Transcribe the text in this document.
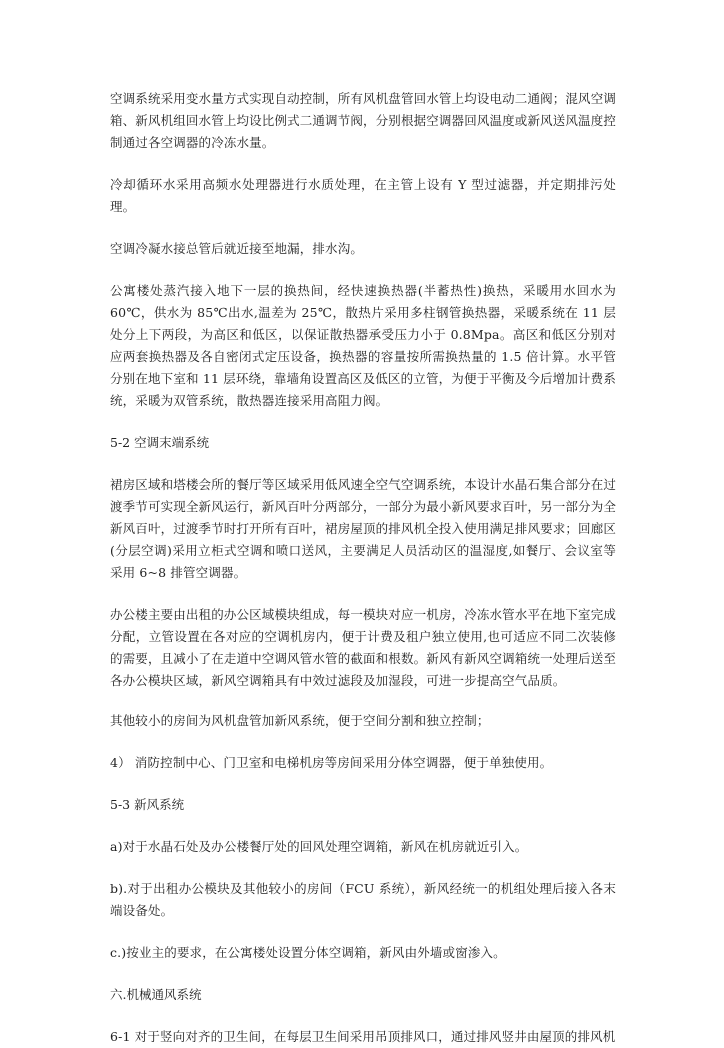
空调系统采用变水量方式实现自动控制，所有风机盘管回水管上均设电动二通阀；混风空调箱、新风机组回水管上均设比例式二通调节阀，分别根据空调器回风温度或新风送风温度控制通过各空调器的冷冻水量。

冷却循环水采用高频水处理器进行水质处理，在主管上设有 Y 型过滤器，并定期排污处理。

空调冷凝水接总管后就近接至地漏，排水沟。

公寓楼处蒸汽接入地下一层的换热间，经快速换热器(半蓄热性)换热，采暖用水回水为 60℃，供水为 85℃出水,温差为 25℃，散热片采用多柱钢管换热器，采暖系统在 11 层处分上下两段，为高区和低区，以保证散热器承受压力小于 0.8Mpa。高区和低区分别对应两套换热器及各自密闭式定压设备，换热器的容量按所需换热量的 1.5 倍计算。水平管分别在地下室和 11 层环绕，靠墙角设置高区及低区的立管，为便于平衡及今后增加计费系统，采暖为双管系统，散热器连接采用高阻力阀。

5-2 空调末端系统

裙房区域和塔楼会所的餐厅等区域采用低风速全空气空调系统，本设计水晶石集合部分在过渡季节可实现全新风运行，新风百叶分两部分，一部分为最小新风要求百叶，另一部分为全新风百叶，过渡季节时打开所有百叶，裙房屋顶的排风机全投入使用满足排风要求；回廊区(分层空调)采用立柜式空调和喷口送风，主要满足人员活动区的温湿度,如餐厅、会议室等采用 6~8 排管空调器。

办公楼主要由出租的办公区域模块组成，每一模块对应一机房，冷冻水管水平在地下室完成分配，立管设置在各对应的空调机房内，便于计费及租户独立使用,也可适应不同二次装修的需要，且减小了在走道中空调风管水管的截面和根数。新风有新风空调箱统一处理后送至各办公模块区域，新风空调箱具有中效过滤段及加湿段，可进一步提高空气品质。

其他较小的房间为风机盘管加新风系统，便于空间分割和独立控制；

4） 消防控制中心、门卫室和电梯机房等房间采用分体空调器，便于单独使用。

5-3 新风系统

a)对于水晶石处及办公楼餐厅处的回风处理空调箱，新风在机房就近引入。

b).对于出租办公模块及其他较小的房间（FCU 系统），新风经统一的机组处理后接入各末端设备处。

c.)按业主的要求，在公寓楼处设置分体空调箱，新风由外墙或窗渗入。

六.机械通风系统

6-1 对于竖向对齐的卫生间，在每层卫生间采用吊顶排风口，通过排风竖井由屋顶的排风机
